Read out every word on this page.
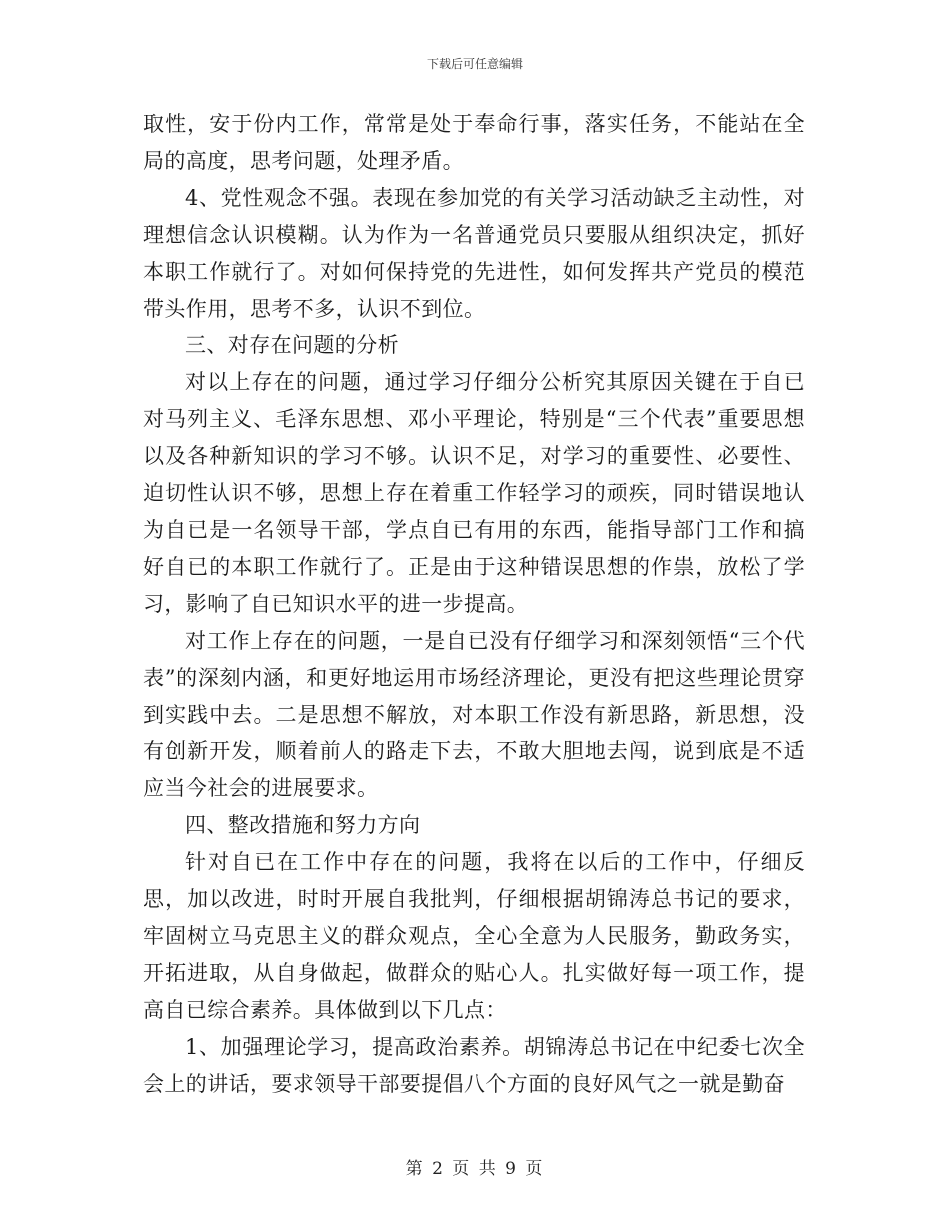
下载后可任意编辑

取性，安于份内工作，常常是处于奉命行事，落实任务，不能站在全局的高度，思考问题，处理矛盾。

4、党性观念不强。表现在参加党的有关学习活动缺乏主动性，对理想信念认识模糊。认为作为一名普通党员只要服从组织决定，抓好本职工作就行了。对如何保持党的先进性，如何发挥共产党员的模范带头作用，思考不多，认识不到位。

三、对存在问题的分析

对以上存在的问题，通过学习仔细分公析究其原因关键在于自已对马列主义、毛泽东思想、邓小平理论，特别是“三个代表”重要思想以及各种新知识的学习不够。认识不足，对学习的重要性、必要性、迫切性认识不够，思想上存在着重工作轻学习的顽疾，同时错误地认为自已是一名领导干部，学点自已有用的东西，能指导部门工作和搞好自已的本职工作就行了。正是由于这种错误思想的作祟，放松了学习，影响了自已知识水平的进一步提高。

对工作上存在的问题，一是自已没有仔细学习和深刻领悟“三个代表”的深刻内涵，和更好地运用市场经济理论，更没有把这些理论贯穿到实践中去。二是思想不解放，对本职工作没有新思路，新思想，没有创新开发，顺着前人的路走下去，不敢大胆地去闯，说到底是不适应当今社会的进展要求。

四、整改措施和努力方向

针对自已在工作中存在的问题，我将在以后的工作中，仔细反思，加以改进，时时开展自我批判，仔细根据胡锦涛总书记的要求，牢固树立马克思主义的群众观点，全心全意为人民服务，勤政务实，开拓进取，从自身做起，做群众的贴心人。扎实做好每一项工作，提高自已综合素养。具体做到以下几点：

1、加强理论学习，提高政治素养。胡锦涛总书记在中纪委七次全会上的讲话，要求领导干部要提倡八个方面的良好风气之一就是勤奋

第 2 页 共 9 页
